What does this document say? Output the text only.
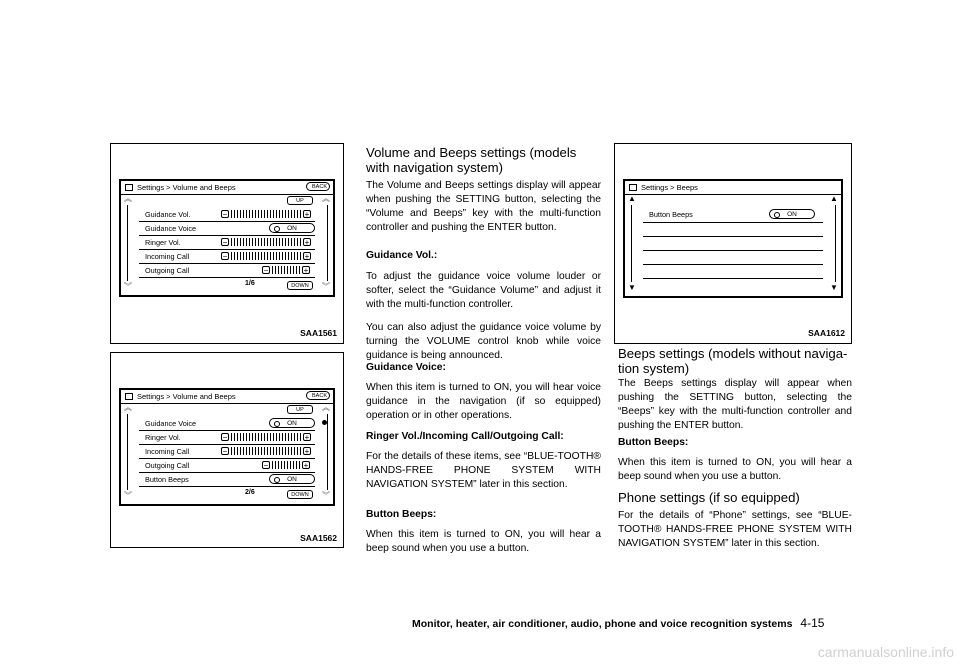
Settings > Volume and Beeps	BACK
UP
︽
︾
︽
︾
Guidance Vol.	−	+
Guidance Voice	ON
Ringer Vol.	−	+
Incoming Call	−	+
Outgoing Call	−	+
1/6	DOWN
SAA1561
Settings > Volume and Beeps	BACK
UP
︽
︾
︽
︾
Guidance Voice	ON
Ringer Vol.	−	+
Incoming Call	−	+
Outgoing Call	−	+
Button Beeps	ON
2/6	DOWN
SAA1562
Settings > Beeps
▲
▼
▲
▼
Button Beeps	ON
SAA1612
Volume and Beeps settings (models with navigation system)

The Volume and Beeps settings display will appear when pushing the SETTING button, selecting the “Volume and Beeps” key with the multi-function controller and pushing the ENTER button.

Guidance Vol.:

To adjust the guidance voice volume louder or softer, select the “Guidance Volume” and adjust it with the multi-function controller.

You can also adjust the guidance voice volume by turning the VOLUME control knob while voice guidance is being announced.

Guidance Voice:

When this item is turned to ON, you will hear voice guidance in the navigation (if so equipped) operation or in other operations.

Ringer Vol./Incoming Call/Outgoing Call:

For the details of these items, see “BLUE-TOOTH® HANDS-FREE PHONE SYSTEM WITH NAVIGATION SYSTEM” later in this section.

Button Beeps:

When this item is turned to ON, you will hear a beep sound when you use a button.

Beeps settings (models without naviga-tion system)

The Beeps settings display will appear when pushing the SETTING button, selecting the “Beeps” key with the multi-function controller and pushing the ENTER button.

Button Beeps:

When this item is turned to ON, you will hear a beep sound when you use a button.

Phone settings (if so equipped)

For the details of “Phone” settings, see “BLUE-TOOTH® HANDS-FREE PHONE SYSTEM WITH NAVIGATION SYSTEM” later in this section.

Monitor, heater, air conditioner, audio, phone and voice recognition systems 4-15
carmanualsonline.info
